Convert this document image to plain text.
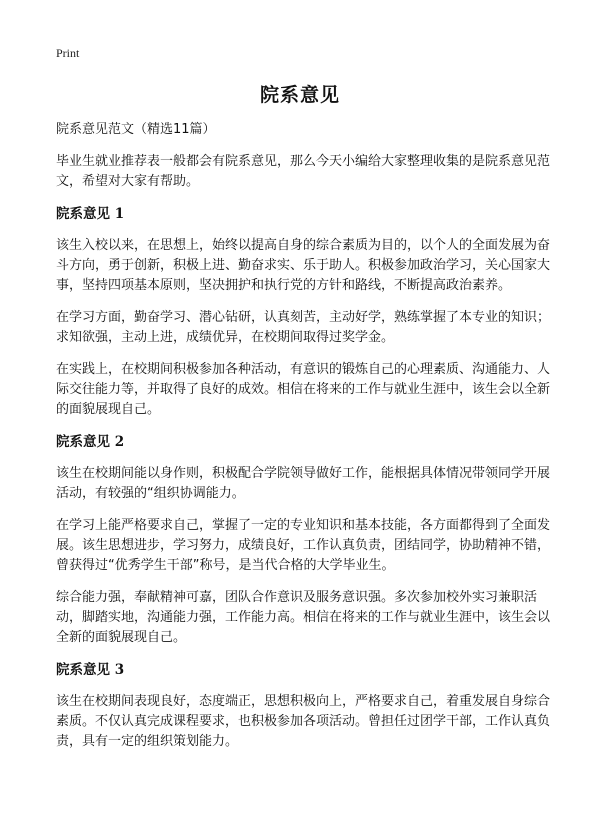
Print
院系意见

院系意见范文（精选11篇）

毕业生就业推荐表一般都会有院系意见，那么今天小编给大家整理收集的是院系意见范文，希望对大家有帮助。

院系意见 1

该生入校以来，在思想上，始终以提高自身的综合素质为目的，以个人的全面发展为奋斗方向，勇于创新，积极上进、勤奋求实、乐于助人。积极参加政治学习，关心国家大事，坚持四项基本原则，坚决拥护和执行党的方针和路线，不断提高政治素养。

在学习方面，勤奋学习、潜心钻研，认真刻苦，主动好学，熟练掌握了本专业的知识；求知欲强，主动上进，成绩优异，在校期间取得过奖学金。

在实践上，在校期间积极参加各种活动，有意识的锻炼自己的心理素质、沟通能力、人际交往能力等，并取得了良好的成效。相信在将来的工作与就业生涯中，该生会以全新的面貌展现自己。

院系意见 2

该生在校期间能以身作则，积极配合学院领导做好工作，能根据具体情况带领同学开展活动，有较强的“组织协调能力。

在学习上能严格要求自己，掌握了一定的专业知识和基本技能，各方面都得到了全面发展。该生思想进步，学习努力，成绩良好，工作认真负责，团结同学，协助精神不错，曾获得过“优秀学生干部”称号，是当代合格的大学毕业生。

综合能力强，奉献精神可嘉，团队合作意识及服务意识强。多次参加校外实习兼职活动，脚踏实地，沟通能力强，工作能力高。相信在将来的工作与就业生涯中，该生会以全新的面貌展现自己。

院系意见 3

该生在校期间表现良好，态度端正，思想积极向上，严格要求自己，着重发展自身综合素质。不仅认真完成课程要求，也积极参加各项活动。曾担任过团学干部，工作认真负责，具有一定的组织策划能力。
